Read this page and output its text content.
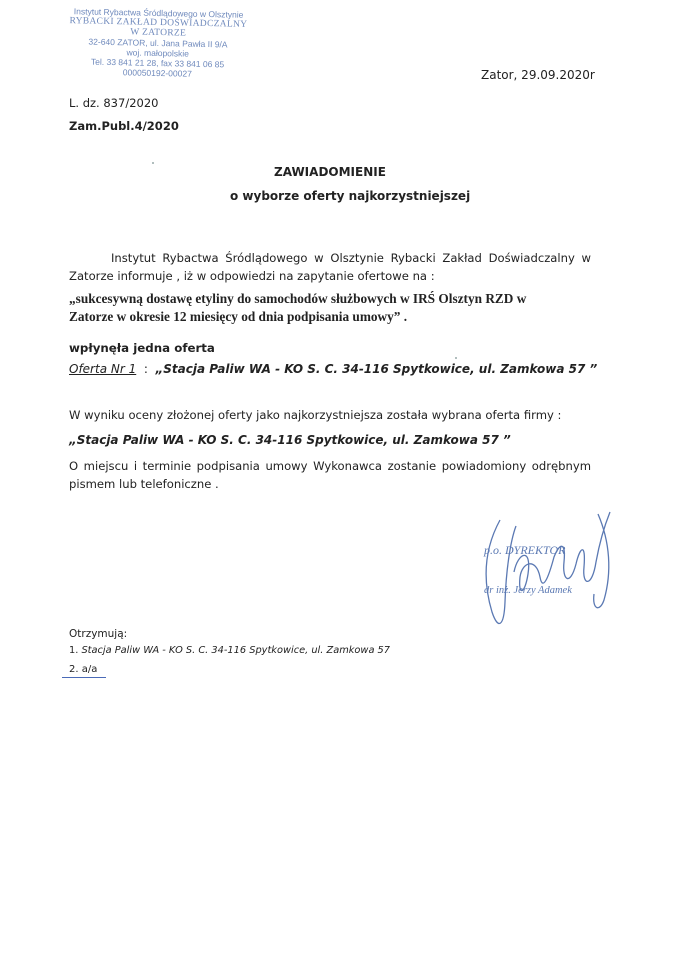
Instytut Rybactwa Śródlądowego w Olsztynie
RYBACKI ZAKŁAD DOŚWIADCZALNY
W ZATORZE
32-640 ZATOR, ul. Jana Pawła II 9/A
woj. małopolskie
Tel. 33 841 21 28, fax 33 841 06 85
000050192-00027	Zator, 29.09.2020r
L. dz. 837/2020
Zam.Publ.4/2020
ZAWIADOMIENIE
o wyborze oferty najkorzystniejszej
Instytut Rybactwa Śródlądowego w Olsztynie Rybacki Zakład Doświadczalny w Zatorze informuje , iż w odpowiedzi na zapytanie ofertowe na :
„sukcesywną dostawę etyliny do samochodów służbowych w IRŚ Olsztyn RZD w Zatorze w okresie 12 miesięcy od dnia podpisania umowy” .
wpłynęła jedna oferta
Oferta Nr 1  :  „Stacja Paliw WA - KO S. C. 34-116 Spytkowice, ul. Zamkowa 57 ”
W wyniku oceny złożonej oferty jako najkorzystniejsza została wybrana oferta firmy :
„Stacja Paliw WA - KO S. C. 34-116 Spytkowice, ul. Zamkowa 57 ”
O miejscu i terminie podpisania umowy Wykonawca zostanie powiadomiony odrębnym pismem lub telefoniczne .
p.o. DYREKTOR
dr inż. Jerzy Adamek
Otrzymują:
1. Stacja Paliw WA - KO S. C. 34-116 Spytkowice, ul. Zamkowa 57
2. a/a
